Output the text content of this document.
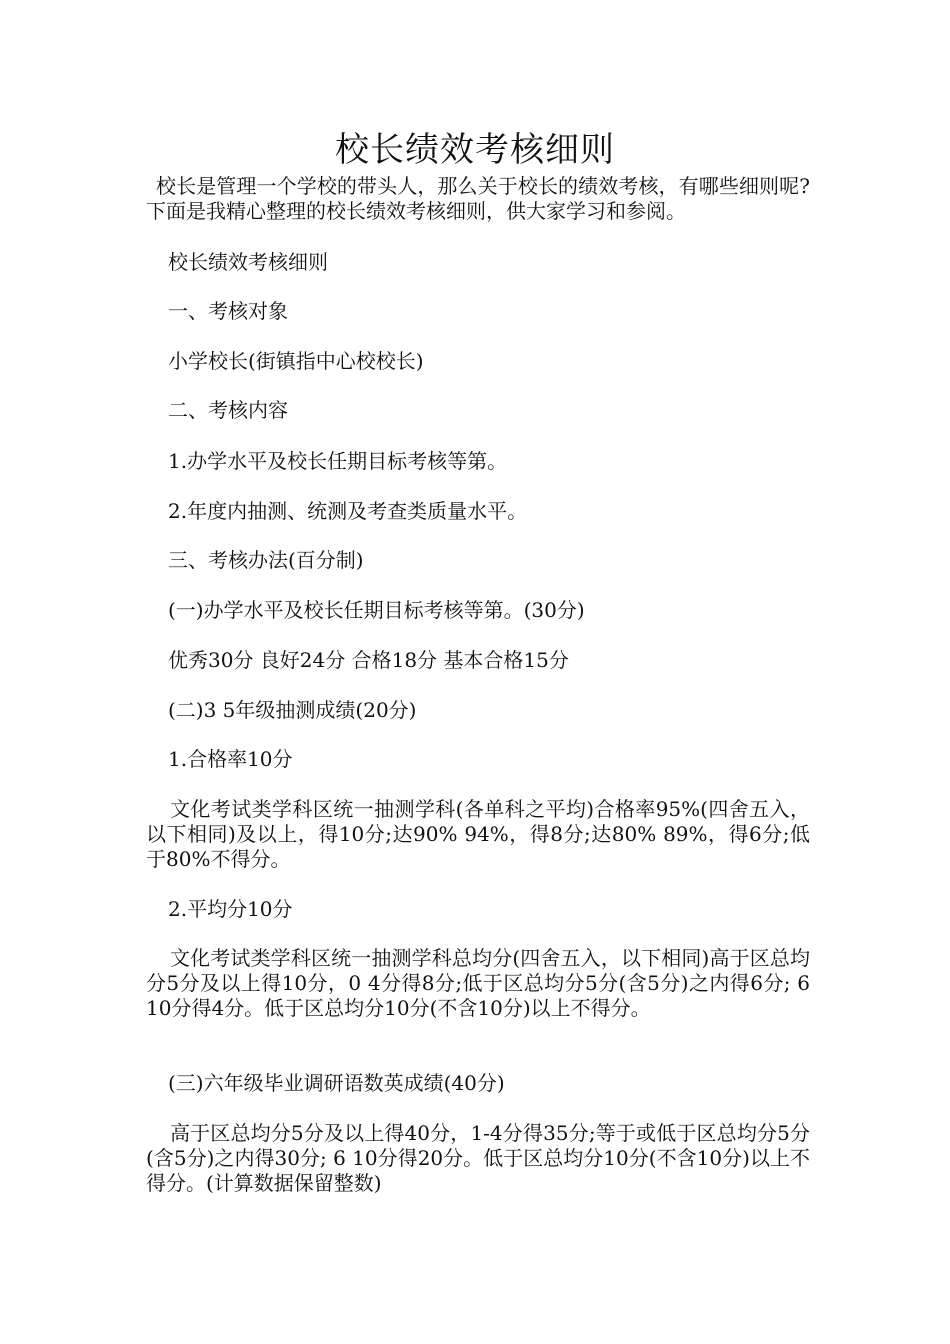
校长绩效考核细则

校长是管理一个学校的带头人，那么关于校长的绩效考核，有哪些细则呢?下面是我精心整理的校长绩效考核细则，供大家学习和参阅。

校长绩效考核细则

一、考核对象

小学校长(街镇指中心校校长)

二、考核内容

1.办学水平及校长任期目标考核等第。

2.年度内抽测、统测及考查类质量水平。

三、考核办法(百分制)

(一)办学水平及校长任期目标考核等第。(30分)

优秀30分 良好24分 合格18分 基本合格15分

(二)3 5年级抽测成绩(20分)

1.合格率10分

文化考试类学科区统一抽测学科(各单科之平均)合格率95%(四舍五入，以下相同)及以上，得10分;达90% 94%，得8分;达80% 89%，得6分;低于80%不得分。

2.平均分10分

文化考试类学科区统一抽测学科总均分(四舍五入，以下相同)高于区总均分5分及以上得10分，0 4分得8分;低于区总均分5分(含5分)之内得6分; 6 10分得4分。低于区总均分10分(不含10分)以上不得分。

(三)六年级毕业调研语数英成绩(40分)

高于区总均分5分及以上得40分，1-4分得35分;等于或低于区总均分5分(含5分)之内得30分; 6 10分得20分。低于区总均分10分(不含10分)以上不得分。(计算数据保留整数)
